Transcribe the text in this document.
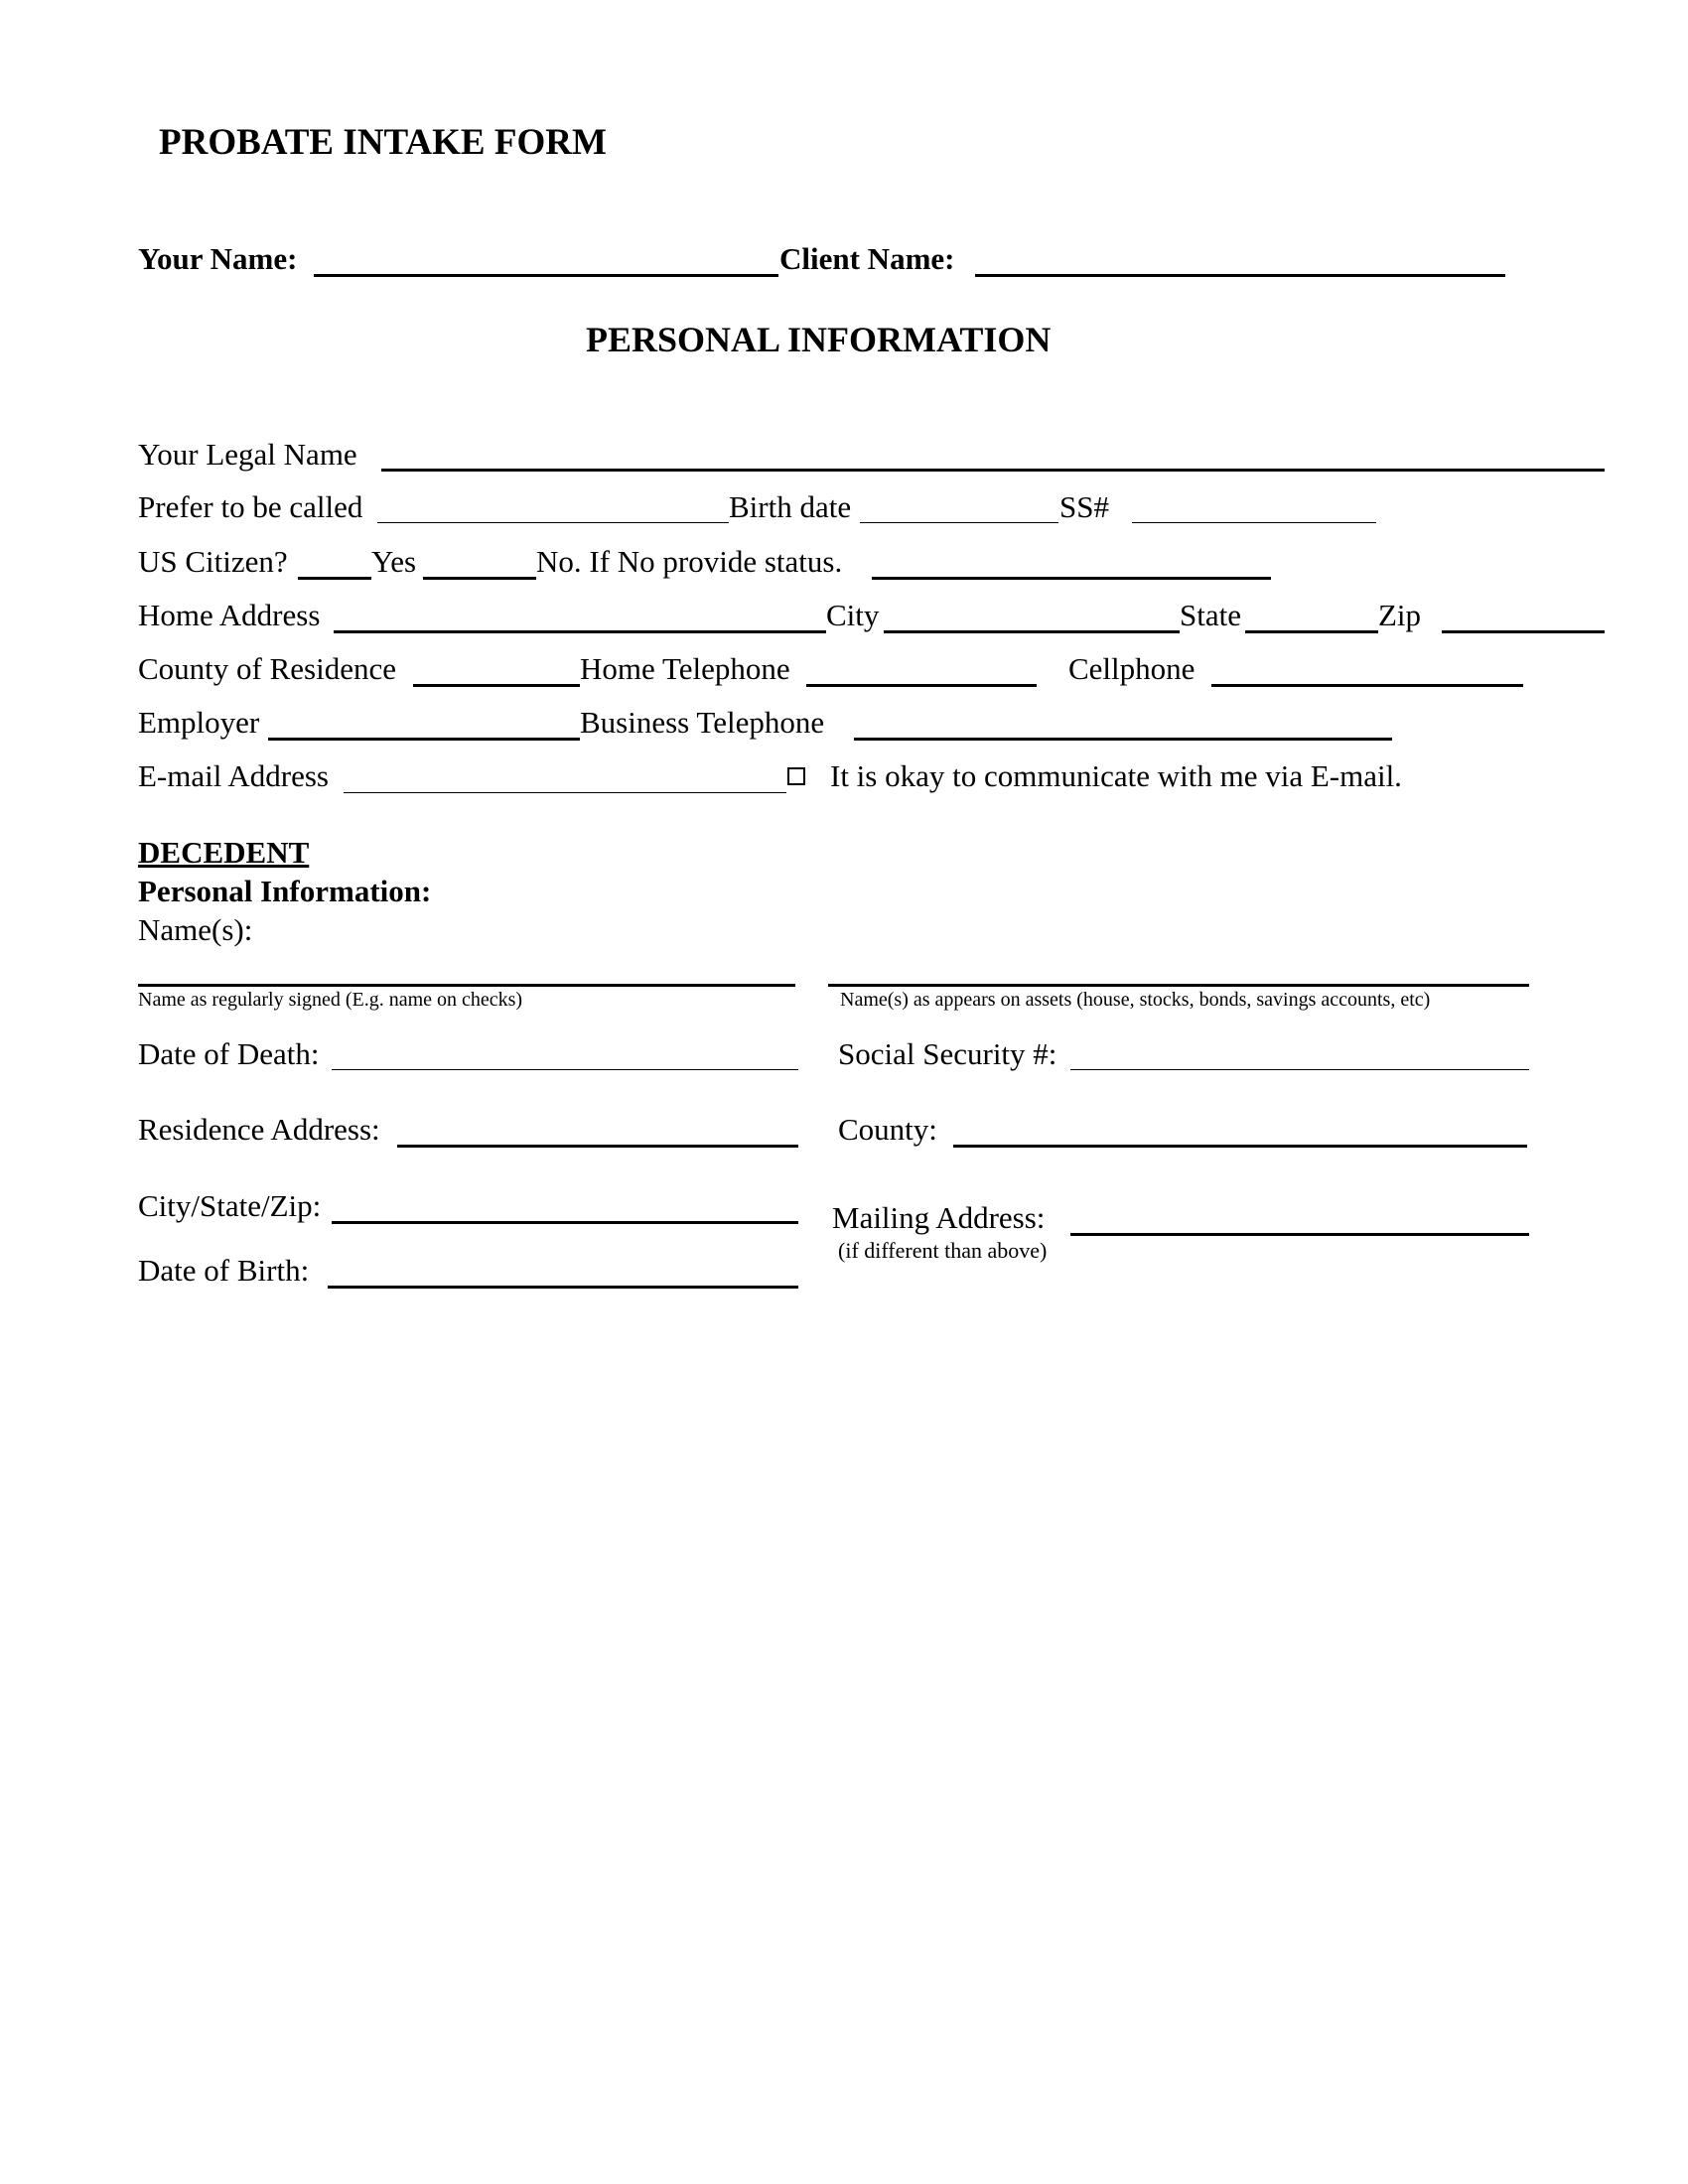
PROBATE INTAKE FORM
Your Name:	Client Name:
PERSONAL INFORMATION
Your Legal Name
Prefer to be called	Birth date	SS#
US Citizen?	Yes	No. If No provide status.
Home Address	City	State	Zip
County of Residence	Home Telephone	Cellphone
Employer	Business Telephone
E-mail Address	It is okay to communicate with me via E-mail.
DECEDENT
Personal Information:
Name(s):
Name as regularly signed (E.g. name on checks)	Name(s) as appears on assets (house, stocks, bonds, savings accounts, etc)
Date of Death:	Social Security #:
Residence Address:	County:
City/State/Zip:	Mailing Address:
(if different than above)
Date of Birth:
